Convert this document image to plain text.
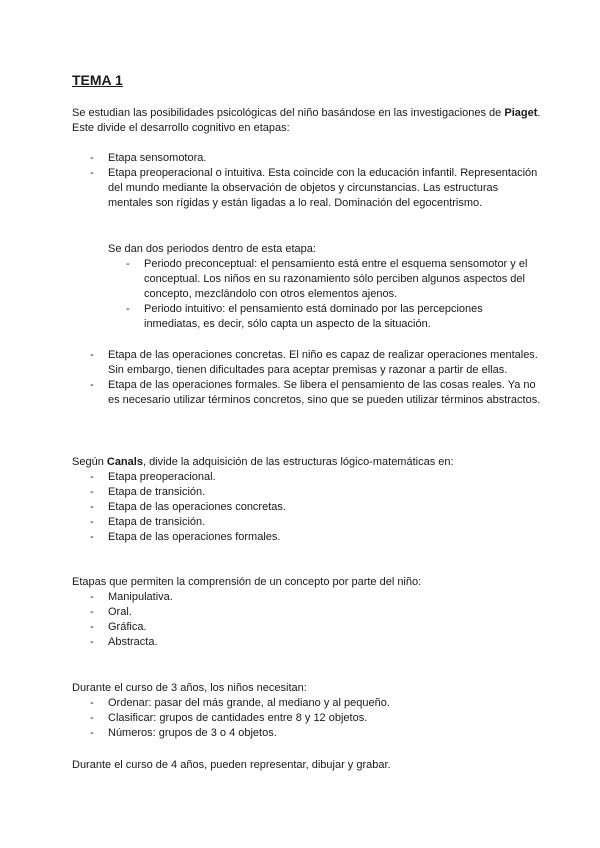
TEMA 1

Se estudian las posibilidades psicológicas del niño basándose en las investigaciones de Piaget.

Este divide el desarrollo cognitivo en etapas:

- Etapa sensomotora.
- Etapa preoperacional o intuitiva. Esta coincide con la educación infantil. Representación del mundo mediante la observación de objetos y circunstancias. Las estructuras mentales son rígidas y están ligadas a lo real. Dominación del egocentrismo.

Se dan dos periodos dentro de esta etapa:

- Periodo preconceptual: el pensamiento está entre el esquema sensomotor y el conceptual. Los niños en su razonamiento sólo perciben algunos aspectos del concepto, mezclándolo con otros elementos ajenos.
- Periodo intuitivo: el pensamiento está dominado por las percepciones inmediatas, es decir, sólo capta un aspecto de la situación.
- Etapa de las operaciones concretas. El niño es capaz de realizar operaciones mentales. Sin embargo, tienen dificultades para aceptar premisas y razonar a partir de ellas.
- Etapa de las operaciones formales. Se libera el pensamiento de las cosas reales. Ya no es necesario utilizar términos concretos, sino que se pueden utilizar términos abstractos.

Según Canals, divide la adquisición de las estructuras lógico-matemáticas en:

- Etapa preoperacional.
- Etapa de transición.
- Etapa de las operaciones concretas.
- Etapa de transición.
- Etapa de las operaciones formales.

Etapas que permiten la comprensión de un concepto por parte del niño:

- Manipulativa.
- Oral.
- Gráfica.
- Abstracta.

Durante el curso de 3 años, los niños necesitan:

- Ordenar: pasar del más grande, al mediano y al pequeño.
- Clasificar: grupos de cantidades entre 8 y 12 objetos.
- Números: grupos de 3 o 4 objetos.

Durante el curso de 4 años, pueden representar, dibujar y grabar.
